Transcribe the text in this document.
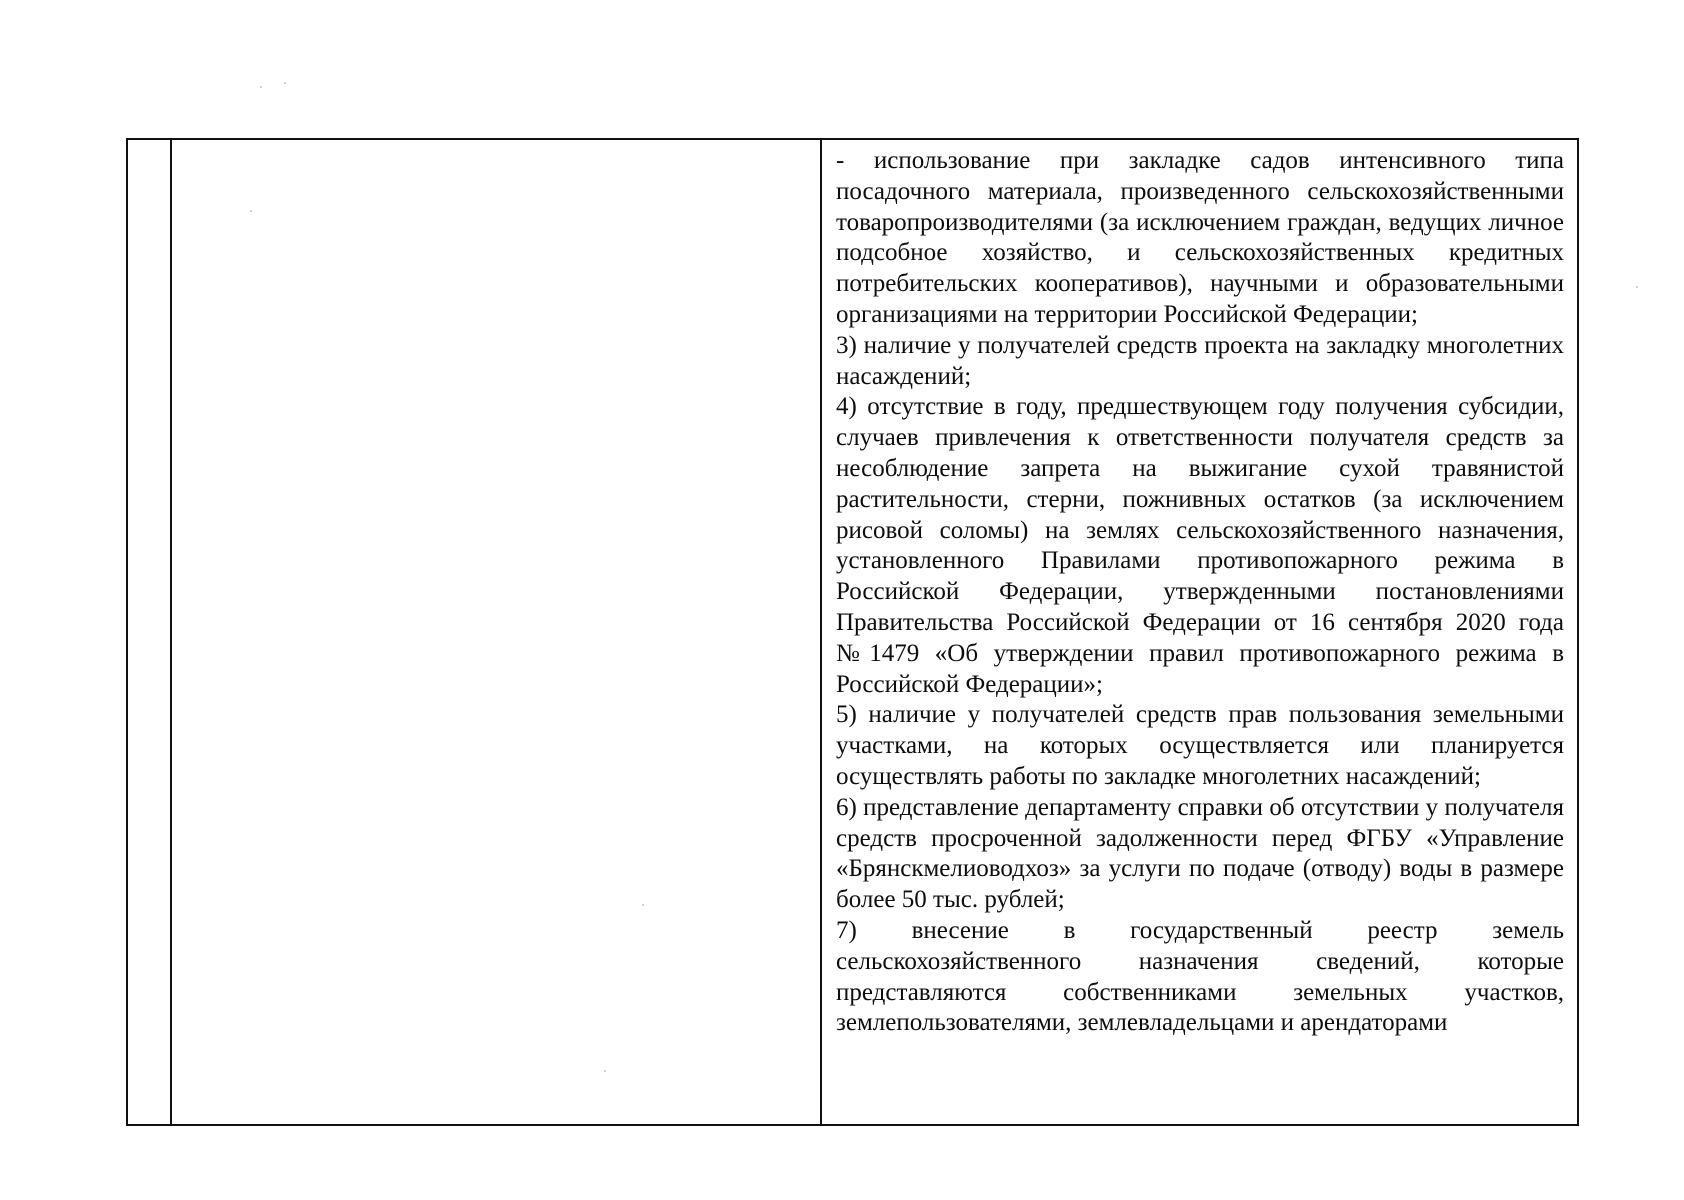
- использование при закладке садов интенсивного типа посадочного материала, произведенного сельскохозяйственными товаропроизводителями (за исключением граждан, ведущих личное подсобное хозяйство, и сельскохозяйственных кредитных потребительских кооперативов), научными и образовательными организациями на территории Российской Федерации;

3) наличие у получателей средств проекта на закладку многолетних насаждений;

4) отсутствие в году, предшествующем году получения субсидии, случаев привлечения к ответственности получателя средств за несоблюдение запрета на выжигание сухой травянистой растительности, стерни, пожнивных остатков (за исключением рисовой соломы) на землях сельскохозяйственного назначения, установленного Правилами противопожарного режима в Российской Федерации, утвержденными постановлениями Правительства Российской Федерации от 16 сентября 2020 года №1479 «Об утверждении правил противопожарного режима в Российской Федерации»;

5) наличие у получателей средств прав пользования земельными участками, на которых осуществляется или планируется осуществлять работы по закладке многолетних насаждений;

6) представление департаменту справки об отсутствии у получателя средств просроченной задолженности перед ФГБУ «Управление «Брянскмелиоводхоз» за услуги по подаче (отводу) воды в размере более 50 тыс. рублей;

7) внесение в государственный реестр земель сельскохозяйственного назначения сведений, которые представляются собственниками земельных участков, землепользователями, землевладельцами и арендаторами
